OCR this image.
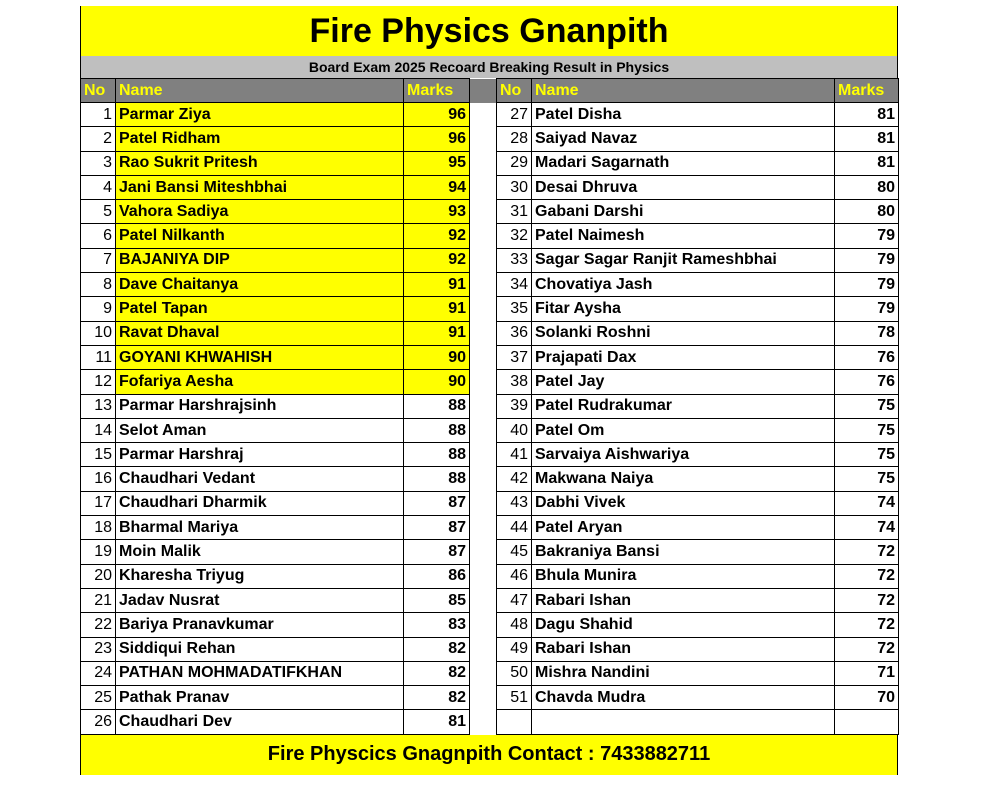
Fire Physics Gnanpith
Board Exam 2025 Recoard Breaking Result in Physics
No	Name	Marks		No	Name	Marks
1	Parmar Ziya	96		27	Patel Disha	81
2	Patel Ridham	96		28	Saiyad Navaz	81
3	Rao Sukrit Pritesh	95		29	Madari Sagarnath	81
4	Jani Bansi Miteshbhai	94		30	Desai Dhruva	80
5	Vahora Sadiya	93		31	Gabani Darshi	80
6	Patel Nilkanth	92		32	Patel Naimesh	79
7	BAJANIYA DIP	92		33	Sagar Sagar Ranjit Rameshbhai	79
8	Dave Chaitanya	91		34	Chovatiya Jash	79
9	Patel Tapan	91		35	Fitar Aysha	79
10	Ravat Dhaval	91		36	Solanki Roshni	78
11	GOYANI KHWAHISH	90		37	Prajapati Dax	76
12	Fofariya Aesha	90		38	Patel Jay	76
13	Parmar Harshrajsinh	88		39	Patel Rudrakumar	75
14	Selot Aman	88		40	Patel Om	75
15	Parmar Harshraj	88		41	Sarvaiya Aishwariya	75
16	Chaudhari Vedant	88		42	Makwana Naiya	75
17	Chaudhari Dharmik	87		43	Dabhi Vivek	74
18	Bharmal Mariya	87		44	Patel Aryan	74
19	Moin Malik	87		45	Bakraniya Bansi	72
20	Kharesha Triyug	86		46	Bhula Munira	72
21	Jadav Nusrat	85		47	Rabari Ishan	72
22	Bariya Pranavkumar	83		48	Dagu Shahid	72
23	Siddiqui Rehan	82		49	Rabari Ishan	72
24	PATHAN MOHMADATIFKHAN	82		50	Mishra Nandini	71
25	Pathak Pranav	82		51	Chavda Mudra	70
26	Chaudhari Dev	81				
Fire Physcics Gnagnpith Contact : 7433882711
